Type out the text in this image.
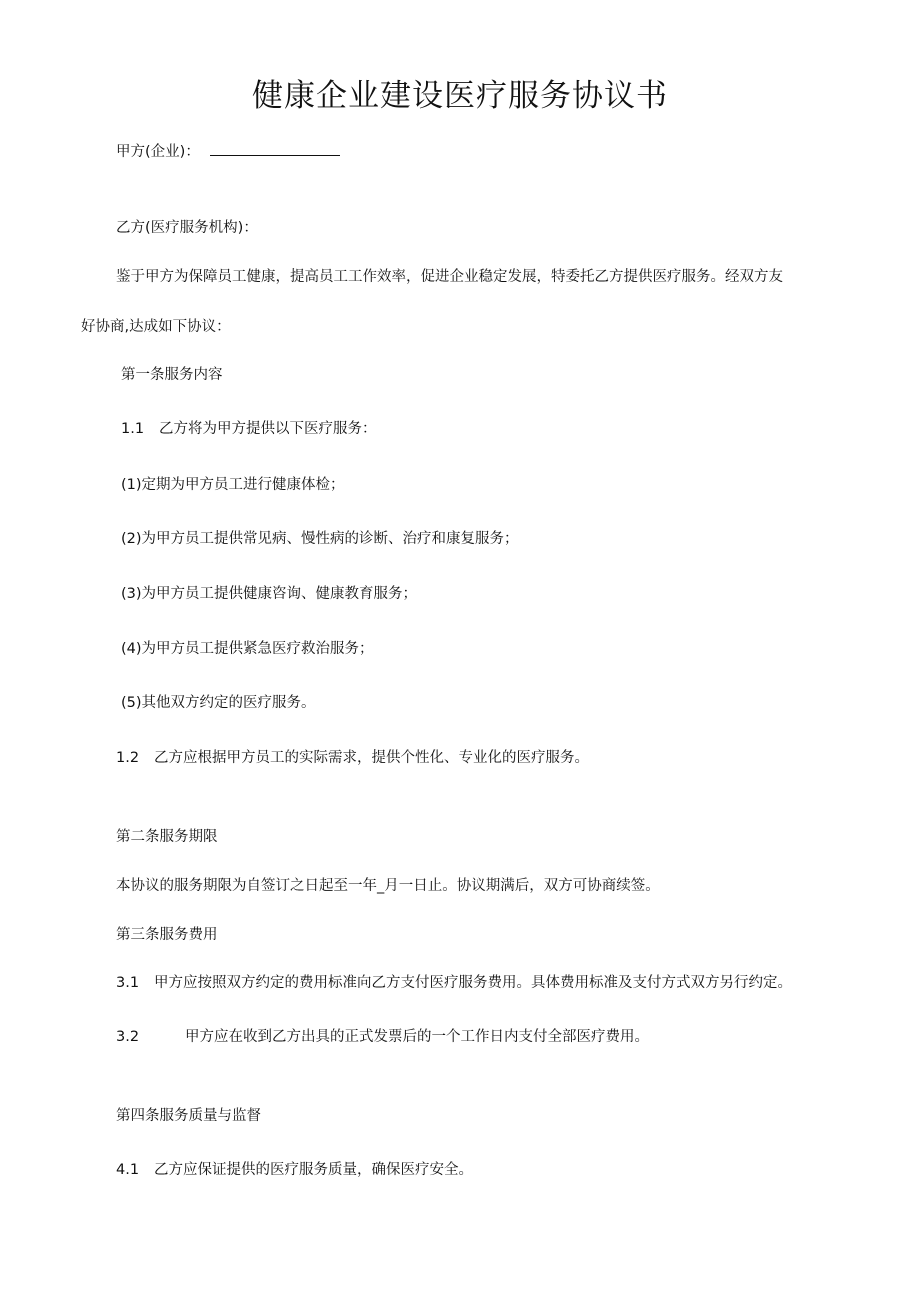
健康企业建设医疗服务协议书
甲方(企业)：
乙方(医疗服务机构)：
鉴于甲方为保障员工健康，提高员工工作效率，促进企业稳定发展，特委托乙方提供医疗服务。经双方友
好协商,达成如下协议：
第一条服务内容
1.1 乙方将为甲方提供以下医疗服务：
(1)定期为甲方员工进行健康体检；
(2)为甲方员工提供常见病、慢性病的诊断、治疗和康复服务；
(3)为甲方员工提供健康咨询、健康教育服务；
(4)为甲方员工提供紧急医疗救治服务；
(5)其他双方约定的医疗服务。
1.2 乙方应根据甲方员工的实际需求，提供个性化、专业化的医疗服务。
第二条服务期限
本协议的服务期限为自签订之日起至一年_月一日止。协议期满后，双方可协商续签。
第三条服务费用
3.1 甲方应按照双方约定的费用标准向乙方支付医疗服务费用。具体费用标准及支付方式双方另行约定。
3.2	甲方应在收到乙方出具的正式发票后的一个工作日内支付全部医疗费用。
第四条服务质量与监督
4.1 乙方应保证提供的医疗服务质量，确保医疗安全。
